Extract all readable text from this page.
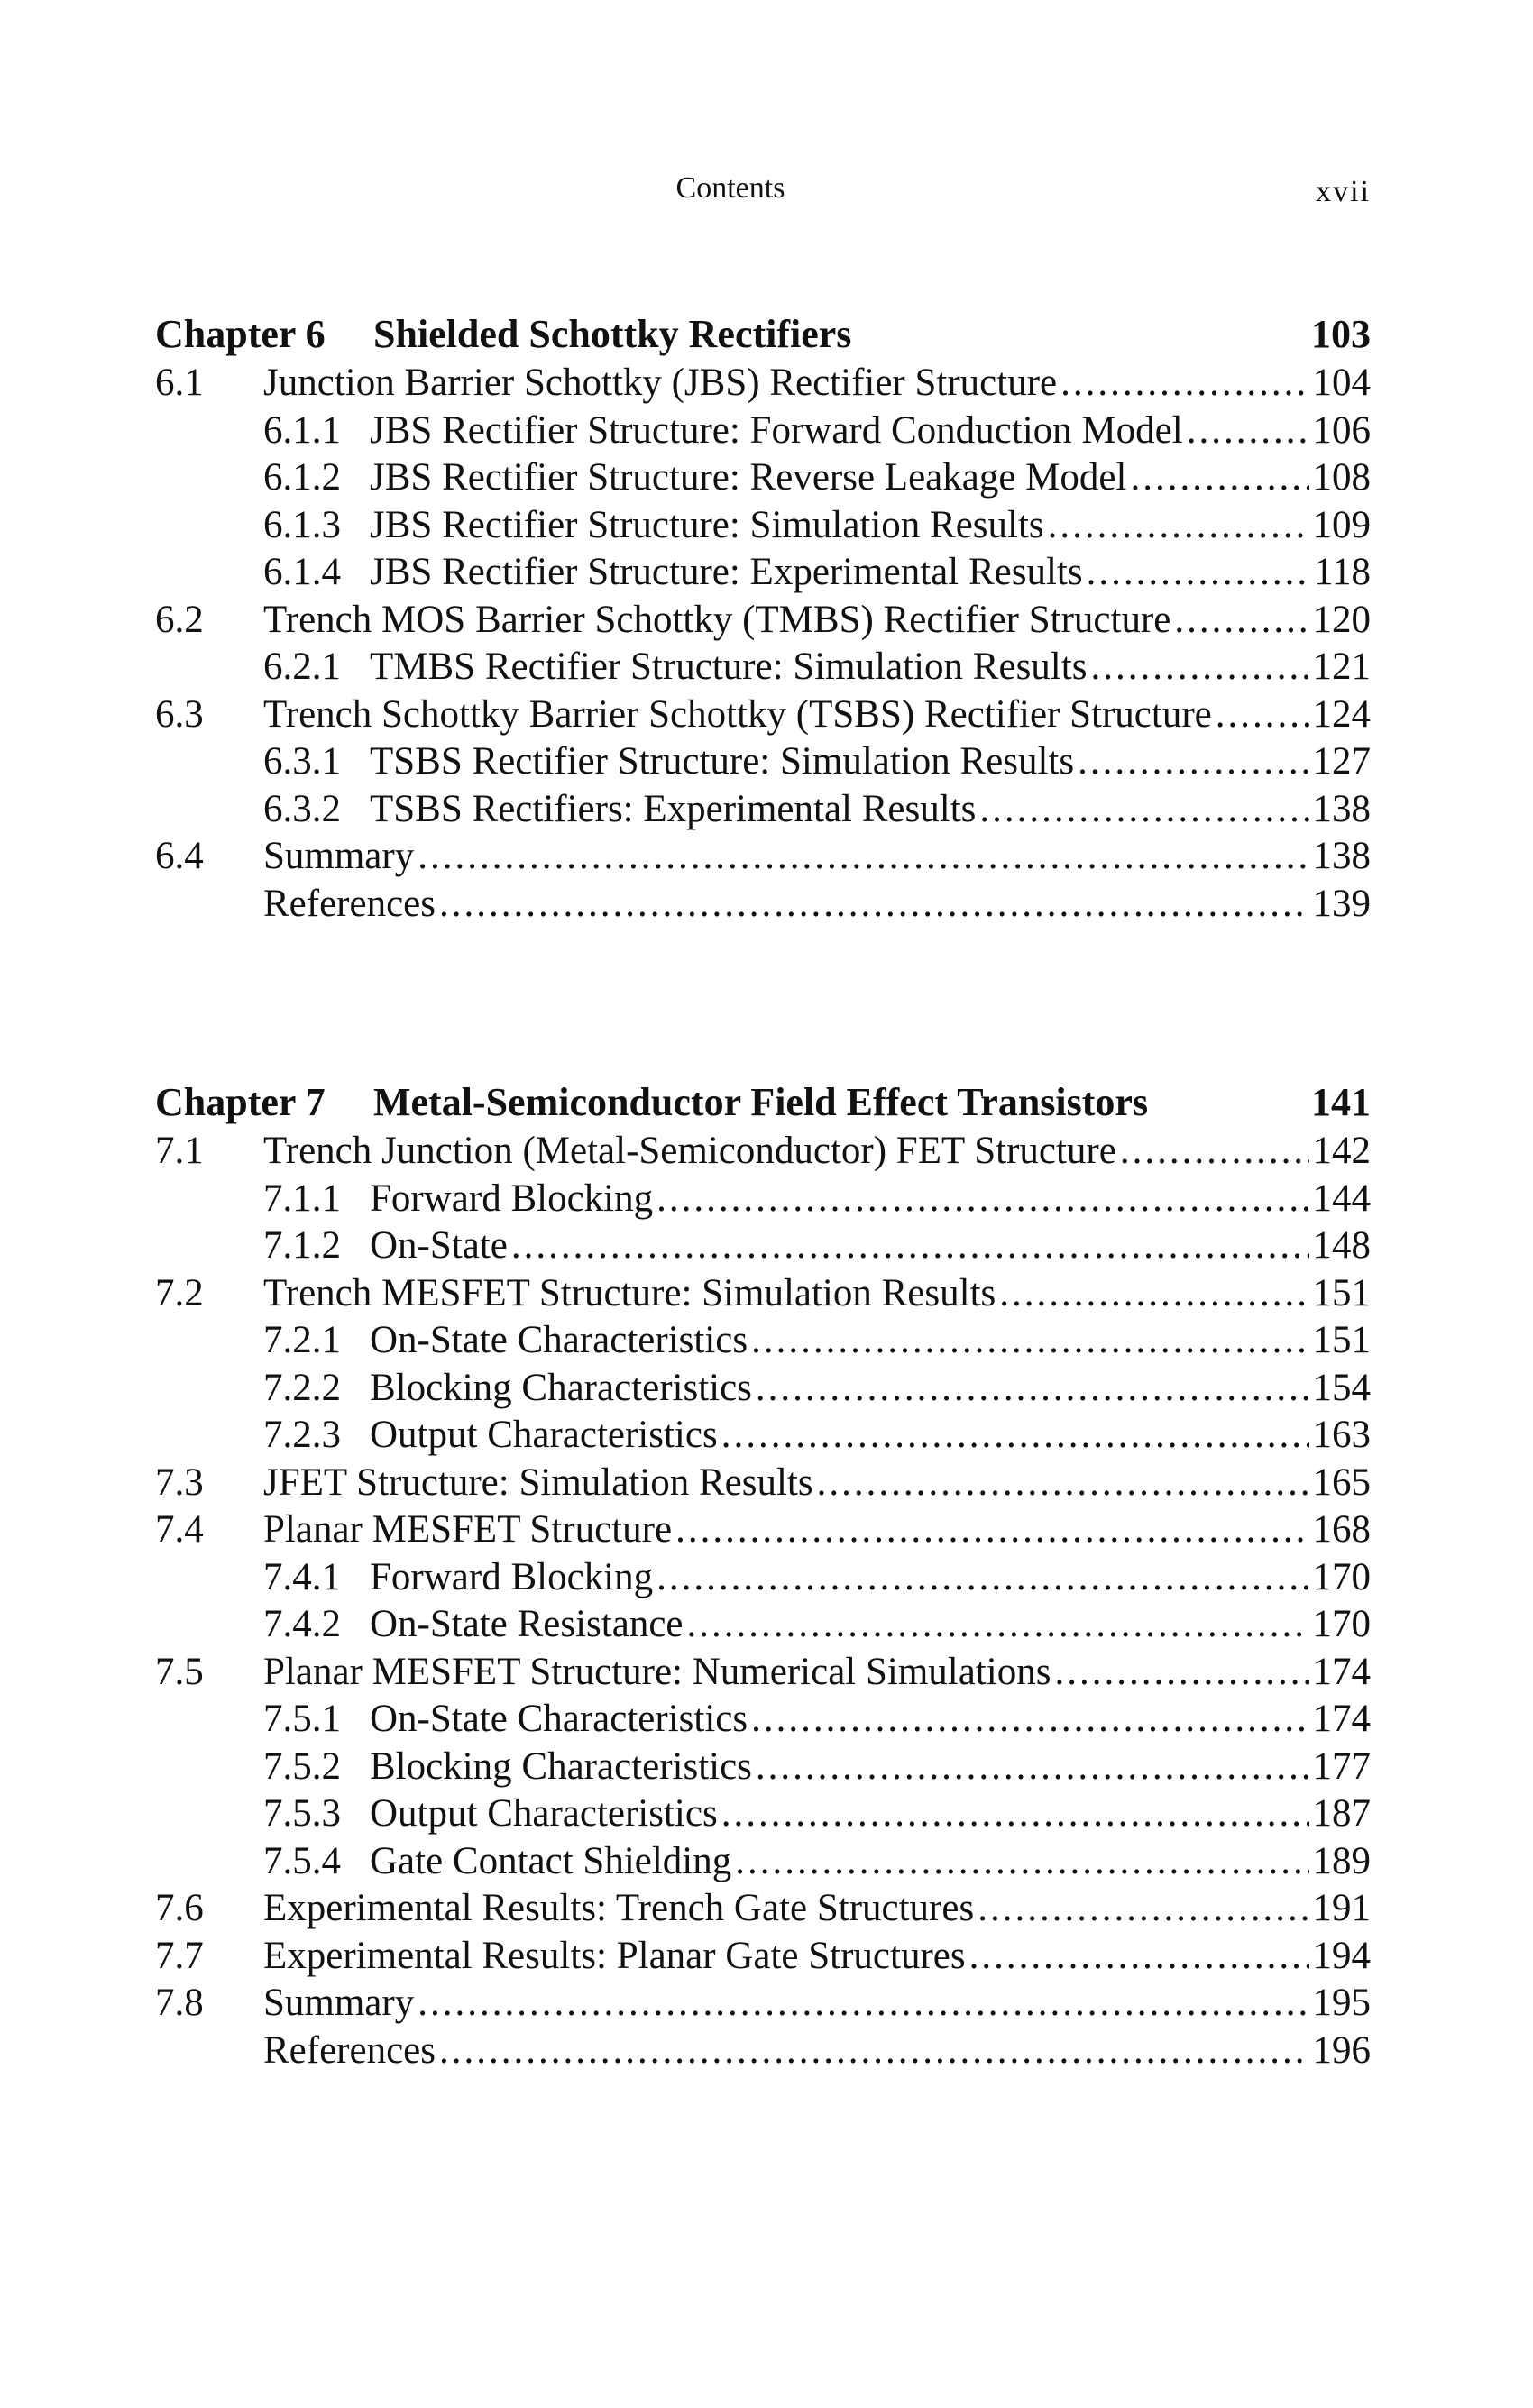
Contents	xvii
Chapter 6 Shielded Schottky Rectifiers	103
6.1 Junction Barrier Schottky (JBS) Rectifier Structure .....	104
6.1.1 JBS Rectifier Structure: Forward Conduction Model .....	106
6.1.2 JBS Rectifier Structure: Reverse Leakage Model .....	108
6.1.3 JBS Rectifier Structure: Simulation Results .....	109
6.1.4 JBS Rectifier Structure: Experimental Results .....	118
6.2 Trench MOS Barrier Schottky (TMBS) Rectifier Structure .....	120
6.2.1 TMBS Rectifier Structure: Simulation Results .....	121
6.3 Trench Schottky Barrier Schottky (TSBS) Rectifier Structure .....	124
6.3.1 TSBS Rectifier Structure: Simulation Results .....	127
6.3.2 TSBS Rectifiers: Experimental Results .....	138
6.4 Summary .....	138
References .....	139
Chapter 7 Metal-Semiconductor Field Effect Transistors	141
7.1 Trench Junction (Metal-Semiconductor) FET Structure .....	142
7.1.1 Forward Blocking .....	144
7.1.2 On-State .....	148
7.2 Trench MESFET Structure: Simulation Results .....	151
7.2.1 On-State Characteristics .....	151
7.2.2 Blocking Characteristics .....	154
7.2.3 Output Characteristics .....	163
7.3 JFET Structure: Simulation Results .....	165
7.4 Planar MESFET Structure .....	168
7.4.1 Forward Blocking .....	170
7.4.2 On-State Resistance .....	170
7.5 Planar MESFET Structure: Numerical Simulations .....	174
7.5.1 On-State Characteristics .....	174
7.5.2 Blocking Characteristics .....	177
7.5.3 Output Characteristics .....	187
7.5.4 Gate Contact Shielding .....	189
7.6 Experimental Results: Trench Gate Structures .....	191
7.7 Experimental Results: Planar Gate Structures .....	194
7.8 Summary .....	195
References .....	196
